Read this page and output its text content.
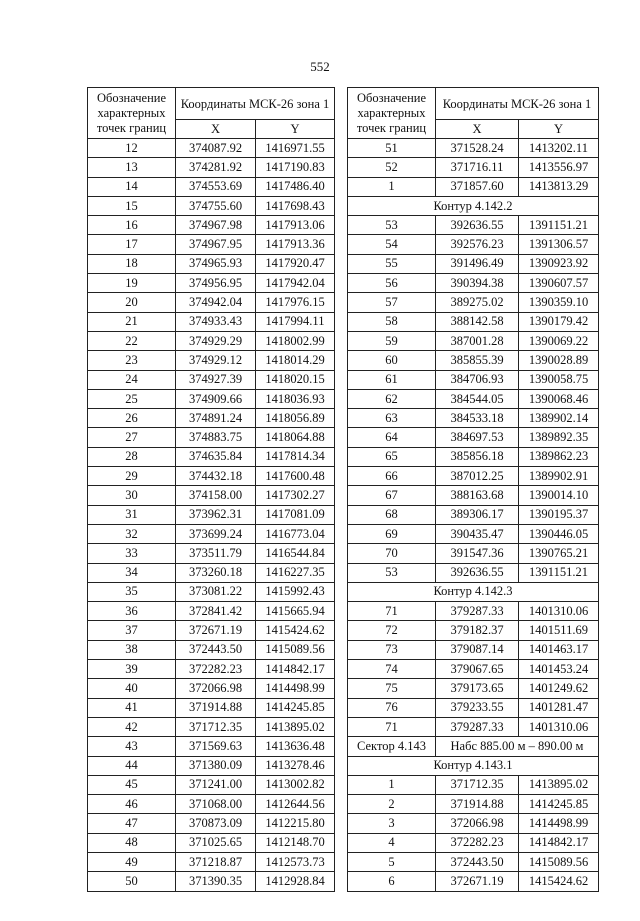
552
Обозначение
характерных
точек границ	Координаты МСК-26 зона 1	
	X	Y
12	374087.92	1416971.55
13	374281.92	1417190.83
14	374553.69	1417486.40
15	374755.60	1417698.43
16	374967.98	1417913.06
17	374967.95	1417913.36
18	374965.93	1417920.47
19	374956.95	1417942.04
20	374942.04	1417976.15
21	374933.43	1417994.11
22	374929.29	1418002.99
23	374929.12	1418014.29
24	374927.39	1418020.15
25	374909.66	1418036.93
26	374891.24	1418056.89
27	374883.75	1418064.88
28	374635.84	1417814.34
29	374432.18	1417600.48
30	374158.00	1417302.27
31	373962.31	1417081.09
32	373699.24	1416773.04
33	373511.79	1416544.84
34	373260.18	1416227.35
35	373081.22	1415992.43
36	372841.42	1415665.94
37	372671.19	1415424.62
38	372443.50	1415089.56
39	372282.23	1414842.17
40	372066.98	1414498.99
41	371914.88	1414245.85
42	371712.35	1413895.02
43	371569.63	1413636.48
44	371380.09	1413278.46
45	371241.00	1413002.82
46	371068.00	1412644.56
47	370873.09	1412215.80
48	371025.65	1412148.70
49	371218.87	1412573.73
50	371390.35	1412928.84
Обозначение
характерных
точек границ	Координаты МСК-26 зона 1	
	X	Y
51	371528.24	1413202.11
52	371716.11	1413556.97
1	371857.60	1413813.29
Контур 4.142.2		
53	392636.55	1391151.21
54	392576.23	1391306.57
55	391496.49	1390923.92
56	390394.38	1390607.57
57	389275.02	1390359.10
58	388142.58	1390179.42
59	387001.28	1390069.22
60	385855.39	1390028.89
61	384706.93	1390058.75
62	384544.05	1390068.46
63	384533.18	1389902.14
64	384697.53	1389892.35
65	385856.18	1389862.23
66	387012.25	1389902.91
67	388163.68	1390014.10
68	389306.17	1390195.37
69	390435.47	1390446.05
70	391547.36	1390765.21
53	392636.55	1391151.21
Контур 4.142.3		
71	379287.33	1401310.06
72	379182.37	1401511.69
73	379087.14	1401463.17
74	379067.65	1401453.24
75	379173.65	1401249.62
76	379233.55	1401281.47
71	379287.33	1401310.06
Сектор 4.143	Набс 885.00 м – 890.00 м	
Контур 4.143.1		
1	371712.35	1413895.02
2	371914.88	1414245.85
3	372066.98	1414498.99
4	372282.23	1414842.17
5	372443.50	1415089.56
6	372671.19	1415424.62
